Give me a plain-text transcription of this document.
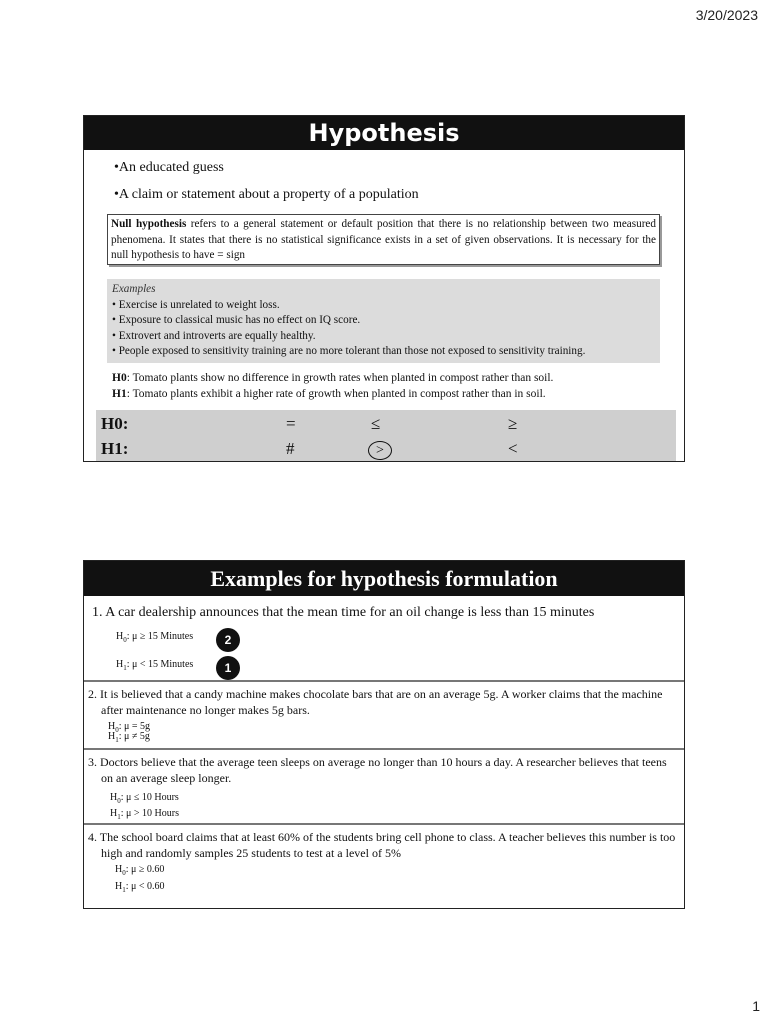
3/20/2023
Hypothesis
•An educated guess
•A claim or statement about a property of a population
Null hypothesis refers to a general statement or default position that there is no relationship between two measured phenomena. It states that there is no statistical significance exists in a set of given observations. It is necessary for the null hypothesis to have = sign
Examples
• Exercise is unrelated to weight loss.
• Exposure to classical music has no effect on IQ score.
• Extrovert and introverts are equally healthy.
• People exposed to sensitivity training are no more tolerant than those not exposed to sensitivity training.
H0: Tomato plants show no difference in growth rates when planted in compost rather than soil.
H1: Tomato plants exhibit a higher rate of growth when planted in compost rather than in soil.
H0:	=	≤	≥
H1:	#	>	<
Examples for hypothesis formulation
1. A car dealership announces that the mean time for an oil change is less than 15 minutes
$H_0$: μ ≥ 15 Minutes	2
$H_1$: μ < 15 Minutes	1
2. It is believed that a candy machine makes chocolate bars that are on an average 5g. A worker claims that the machine after maintenance no longer makes 5g bars.
$H_0$: μ = 5g
$H_1$: μ ≠ 5g
3. Doctors believe that the average teen sleeps on average no longer than 10 hours a day. A researcher believes that teens on an average sleep longer.
$H_0$: μ ≤ 10 Hours
$H_1$: μ > 10 Hours
4. The school board claims that at least 60% of the students bring cell phone to class. A teacher believes this number is too high and randomly samples 25 students to test at a level of 5%
$H_0$: μ ≥ 0.60
$H_1$: μ < 0.60
1
